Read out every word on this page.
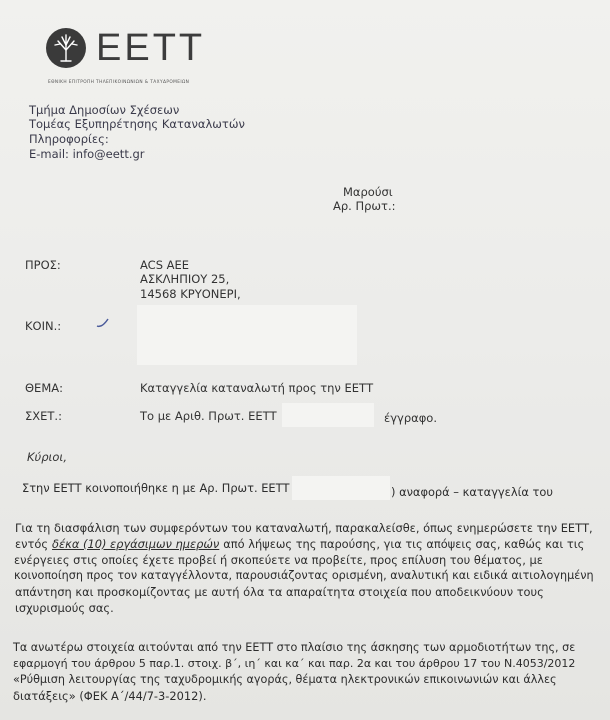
ΕΕΤΤ
ΕΘΝΙΚΗ ΕΠΙΤΡΟΠΗ ΤΗΛΕΠΙΚΟΙΝΩΝΙΩΝ & ΤΑΧΥΔΡΟΜΕΙΩΝ
Τμήμα Δημοσίων Σχέσεων
Τομέας Εξυπηρέτησης Καταναλωτών
Πληροφορίες:
E-mail: info@eett.gr
Μαρούσι
Αρ. Πρωτ.:
ΠΡΟΣ:	ACS AEE
ΑΣΚΛΗΠΙΟΥ 25,
14568 ΚΡΥΟΝΕΡΙ,
ΚΟΙΝ.:
ΘΕΜΑ:	Καταγγελία καταναλωτή προς την ΕΕΤΤ
ΣΧΕΤ.:	Το με Αριθ. Πρωτ. ΕΕΤΤ	έγγραφο.
Κύριοι,
Στην ΕΕΤΤ κοινοποιήθηκε η με Αρ. Πρωτ. ΕΕΤΤ	) αναφορά – καταγγελία του
Για τη διασφάλιση των συμφερόντων του καταναλωτή, παρακαλείσθε, όπως ενημερώσετε την ΕΕΤΤ,
εντός δέκα (10) εργάσιμων ημερών από λήψεως της παρούσης, για τις απόψεις σας, καθώς και τις
ενέργειες στις οποίες έχετε προβεί ή σκοπεύετε να προβείτε, προς επίλυση του θέματος, με
κοινοποίηση προς τον καταγγέλλοντα, παρουσιάζοντας ορισμένη, αναλυτική και ειδικά αιτιολογημένη
απάντηση και προσκομίζοντας με αυτή όλα τα απαραίτητα στοιχεία που αποδεικνύουν τους
ισχυρισμούς σας.
Τα ανωτέρω στοιχεία αιτούνται από την ΕΕΤΤ στο πλαίσιο της άσκησης των αρμοδιοτήτων της, σε
εφαρμογή του άρθρου 5 παρ.1. στοιχ. β΄, ιη΄ και κα΄ και παρ. 2α και του άρθρου 17 του Ν.4053/2012
«Ρύθμιση λειτουργίας της ταχυδρομικής αγοράς, θέματα ηλεκτρονικών επικοινωνιών και άλλες
διατάξεις» (ΦΕΚ Α΄/44/7-3-2012).
